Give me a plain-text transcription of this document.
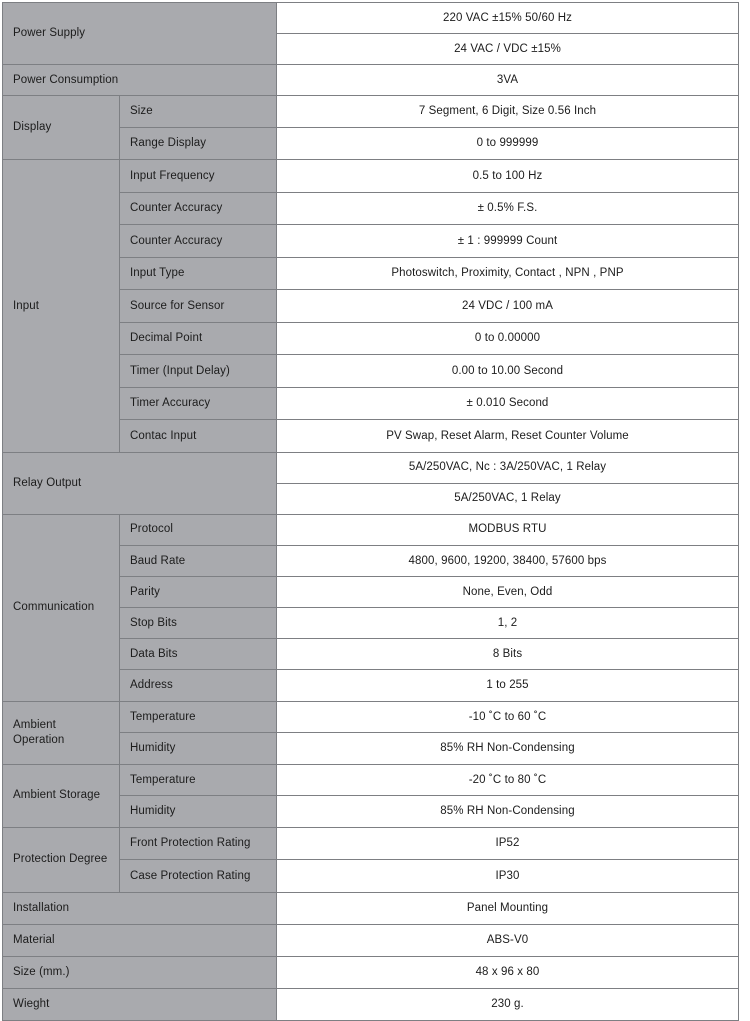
Power Supply		220 VAC ±15% 50/60 Hz
		24 VAC / VDC ±15%
Power Consumption		3VA
Display	Size	7 Segment, 6 Digit, Size 0.56 Inch
	Range Display	0 to 999999
Input	Input Frequency	0.5 to 100 Hz
	Counter Accuracy	± 0.5% F.S.
	Counter Accuracy	± 1 : 999999 Count
	Input Type	Photoswitch, Proximity, Contact , NPN , PNP
	Source for Sensor	24 VDC / 100 mA
	Decimal Point	0 to 0.00000
	Timer (Input Delay)	0.00 to 10.00 Second
	Timer Accuracy	± 0.010 Second
	Contac Input	PV Swap, Reset Alarm, Reset Counter Volume
Relay Output		5A/250VAC, Nc : 3A/250VAC, 1 Relay
		5A/250VAC, 1 Relay
Communication	Protocol	MODBUS RTU
	Baud Rate	4800, 9600, 19200, 38400, 57600 bps
	Parity	None, Even, Odd
	Stop Bits	1, 2
	Data Bits	8 Bits
	Address	1 to 255
Ambient Operation	Temperature	-10 ˚C to 60 ˚C
	Humidity	85% RH Non-Condensing
Ambient Storage	Temperature	-20 ˚C to 80 ˚C
	Humidity	85% RH Non-Condensing
Protection Degree	Front Protection Rating	IP52
	Case Protection Rating	IP30
Installation		Panel Mounting
Material		ABS-V0
Size (mm.)		48 x 96 x 80
Wieght		230 g.
